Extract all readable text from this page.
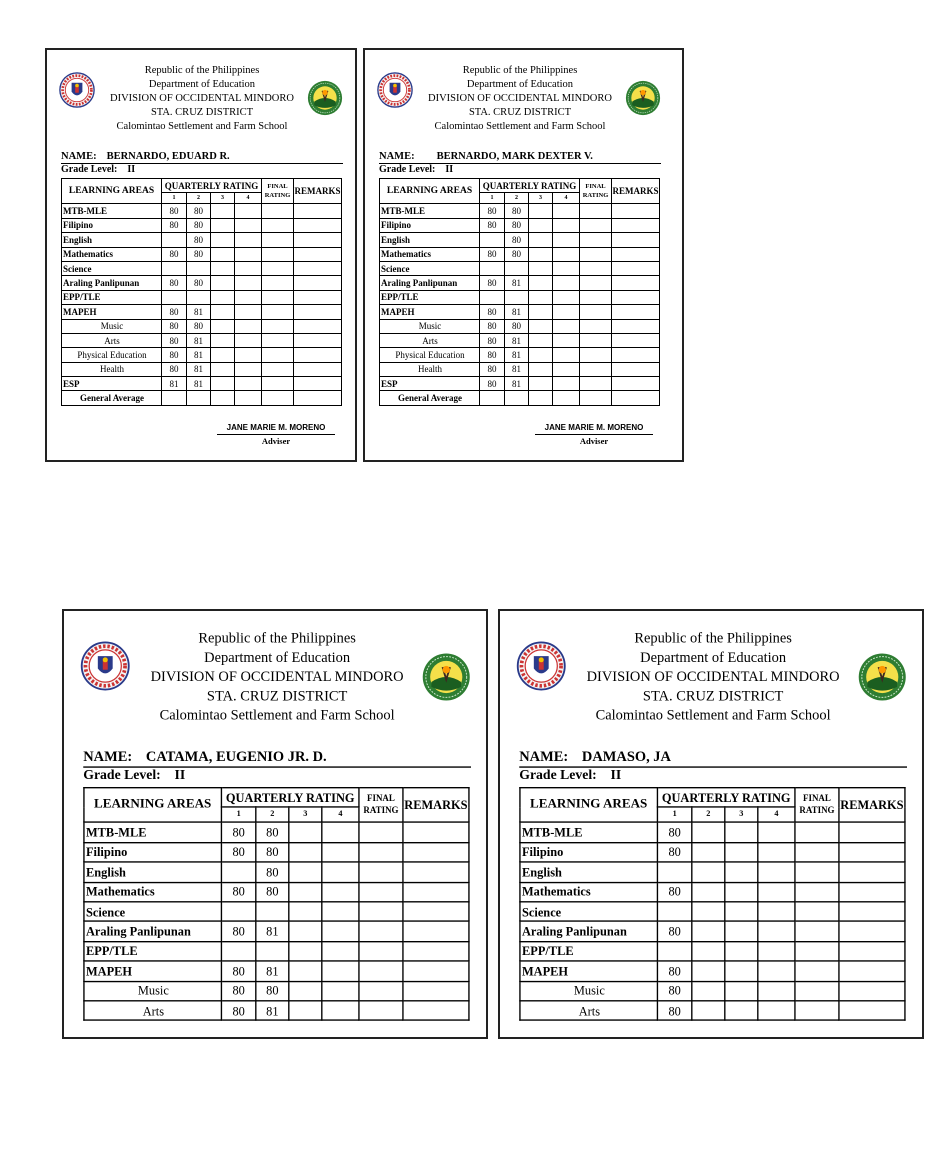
Republic of the Philippines
Department of Education
DIVISION OF OCCIDENTAL MINDORO
STA. CRUZ DISTRICT
Calomintao Settlement and Farm School
NAME: BERNARDO, EDUARD R.
Grade Level: II
LEARNING AREAS	QUARTERLY RATING				FINAL RATING	REMARKS
	1	2	3	4		
MTB-MLE	80	80				
Filipino	80	80				
English		80				
Mathematics	80	80				
Science						
Araling Panlipunan	80	80				
EPP/TLE						
MAPEH	80	81				
Music	80	80				
Arts	80	81				
Physical Education	80	81				
Health	80	81				
ESP	81	81				
General Average						
JANE MARIE M. MORENO
Adviser
Republic of the Philippines
Department of Education
DIVISION OF OCCIDENTAL MINDORO
STA. CRUZ DISTRICT
Calomintao Settlement and Farm School
NAME: BERNARDO, MARK DEXTER V.
Grade Level: II
LEARNING AREAS	QUARTERLY RATING				FINAL RATING	REMARKS
	1	2	3	4		
MTB-MLE	80	80				
Filipino	80	80				
English		80				
Mathematics	80	80				
Science						
Araling Panlipunan	80	81				
EPP/TLE						
MAPEH	80	81				
Music	80	80				
Arts	80	81				
Physical Education	80	81				
Health	80	81				
ESP	80	81				
General Average						
JANE MARIE M. MORENO
Adviser
Republic of the Philippines
Department of Education
DIVISION OF OCCIDENTAL MINDORO
STA. CRUZ DISTRICT
Calomintao Settlement and Farm School
NAME: CATAMA, EUGENIO JR. D.
Grade Level: II
LEARNING AREAS	QUARTERLY RATING				FINAL RATING	REMARKS
	1	2	3	4		
MTB-MLE	80	80				
Filipino	80	80				
English		80				
Mathematics	80	80				
Science						
Araling Panlipunan	80	81				
EPP/TLE						
MAPEH	80	81				
Music	80	80				
Arts	80	81				
Republic of the Philippines
Department of Education
DIVISION OF OCCIDENTAL MINDORO
STA. CRUZ DISTRICT
Calomintao Settlement and Farm School
NAME: DAMASO, JA
Grade Level: II
LEARNING AREAS	QUARTERLY RATING				FINAL RATING	REMARKS
	1	2	3	4		
MTB-MLE	80					
Filipino	80					
English						
Mathematics	80					
Science						
Araling Panlipunan	80					
EPP/TLE						
MAPEH	80					
Music	80					
Arts	80					
